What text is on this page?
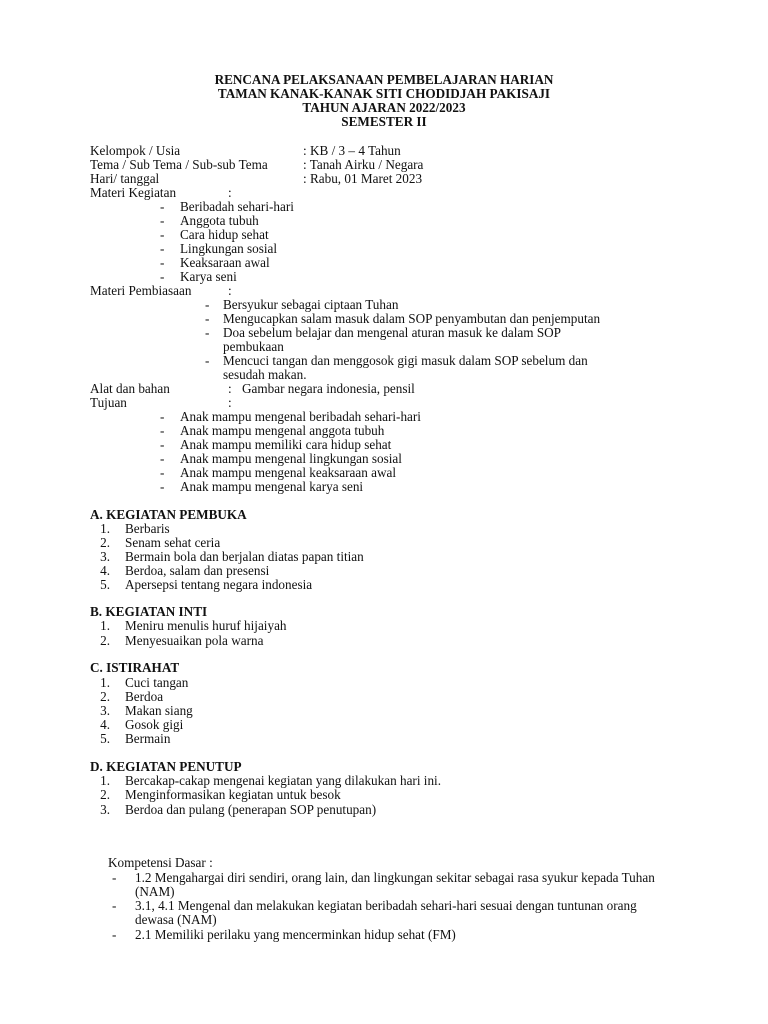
RENCANA PELAKSANAAN PEMBELAJARAN HARIAN
TAMAN KANAK-KANAK SITI CHODIDJAH PAKISAJI
TAHUN AJARAN 2022/2023
SEMESTER II
Kelompok / Usia	: KB / 3 – 4 Tahun
Tema / Sub Tema / Sub-sub Tema	: Tanah Airku / Negara
Hari/ tanggal	: Rabu, 01 Maret 2023
Materi Kegiatan	:
- Beribadah sehari-hari
- Anggota tubuh
- Cara hidup sehat
- Lingkungan sosial
- Keaksaraan awal
- Karya seni
Materi Pembiasaan	:
- Bersyukur sebagai ciptaan Tuhan
- Mengucapkan salam masuk dalam SOP penyambutan dan penjemputan
- Doa sebelum belajar dan mengenal aturan masuk ke dalam SOP
pembukaan
- Mencuci tangan dan menggosok gigi masuk dalam SOP sebelum dan
sesudah makan.
Alat dan bahan	: Gambar negara indonesia, pensil
Tujuan	:
- Anak mampu mengenal beribadah sehari-hari
- Anak mampu mengenal anggota tubuh
- Anak mampu memiliki cara hidup sehat
- Anak mampu mengenal lingkungan sosial
- Anak mampu mengenal keaksaraan awal
- Anak mampu mengenal karya seni
A. KEGIATAN PEMBUKA
1. Berbaris
2. Senam sehat ceria
3. Bermain bola dan berjalan diatas papan titian
4. Berdoa, salam dan presensi
5. Apersepsi tentang negara indonesia
B. KEGIATAN INTI
1. Meniru menulis huruf hijaiyah
2. Menyesuaikan pola warna
C. ISTIRAHAT
1. Cuci tangan
2. Berdoa
3. Makan siang
4. Gosok gigi
5. Bermain
D. KEGIATAN PENUTUP
1. Bercakap-cakap mengenai kegiatan yang dilakukan hari ini.
2. Menginformasikan kegiatan untuk besok
3. Berdoa dan pulang (penerapan SOP penutupan)
Kompetensi Dasar :
- 1.2 Mengahargai diri sendiri, orang lain, dan lingkungan sekitar sebagai rasa syukur kepada Tuhan
(NAM)
- 3.1, 4.1 Mengenal dan melakukan kegiatan beribadah sehari-hari sesuai dengan tuntunan orang
dewasa (NAM)
- 2.1 Memiliki perilaku yang mencerminkan hidup sehat (FM)
